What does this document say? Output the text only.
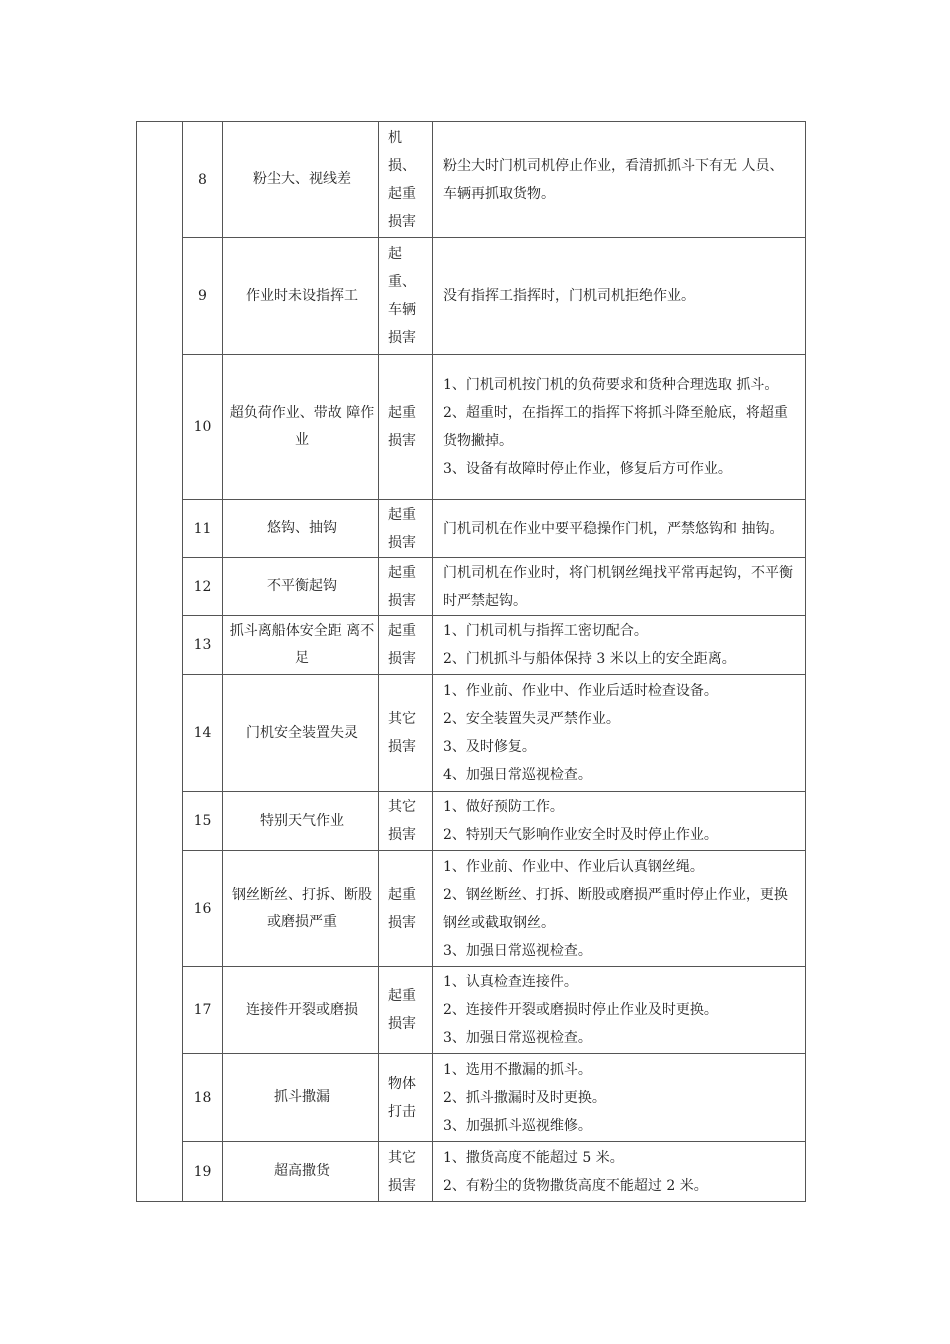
	8	粉尘大、视线差	机损、起重损害	粉尘大时门机司机停止作业，看清抓抓斗下有无 人员、车辆再抓取货物。

	9	作业时未设指挥工	起重、车辆损害	没有指挥工指挥时，门机司机拒绝作业。

	10	超负荷作业、带故 障作业	起重损害	1、门机司机按门机的负荷要求和货种合理选取 抓斗。
2、超重时，在指挥工的指挥下将抓斗降至舱底，将超重货物撇掉。
3、设备有故障时停止作业，修复后方可作业。

	11	悠钩、抽钩	起重损害	门机司机在作业中要平稳操作门机，严禁悠钩和 抽钩。

	12	不平衡起钩	起重损害	门机司机在作业时，将门机钢丝绳找平常再起钩，不平衡时严禁起钩。

	13	抓斗离船体安全距 离不足	起重损害	1、门机司机与指挥工密切配合。
2、门机抓斗与船体保持 3 米以上的安全距离。

	14	门机安全装置失灵	其它损害	1、作业前、作业中、作业后适时检查设备。
2、安全装置失灵严禁作业。
3、及时修复。
4、加强日常巡视检查。

	15	特别天气作业	其它损害	1、做好预防工作。
2、特别天气影响作业安全时及时停止作业。

	16	钢丝断丝、打拆、断股或磨损严重	起重损害	1、作业前、作业中、作业后认真钢丝绳。
2、钢丝断丝、打拆、断股或磨损严重时停止作业，更换钢丝或截取钢丝。
3、加强日常巡视检查。

	17	连接件开裂或磨损	起重损害	1、认真检查连接件。
2、连接件开裂或磨损时停止作业及时更换。
3、加强日常巡视检查。

	18	抓斗撒漏	物体打击	1、选用不撒漏的抓斗。
2、抓斗撒漏时及时更换。
3、加强抓斗巡视维修。

	19	超高撒货	其它损害	1、撒货高度不能超过 5 米。
2、有粉尘的货物撒货高度不能超过 2 米。
